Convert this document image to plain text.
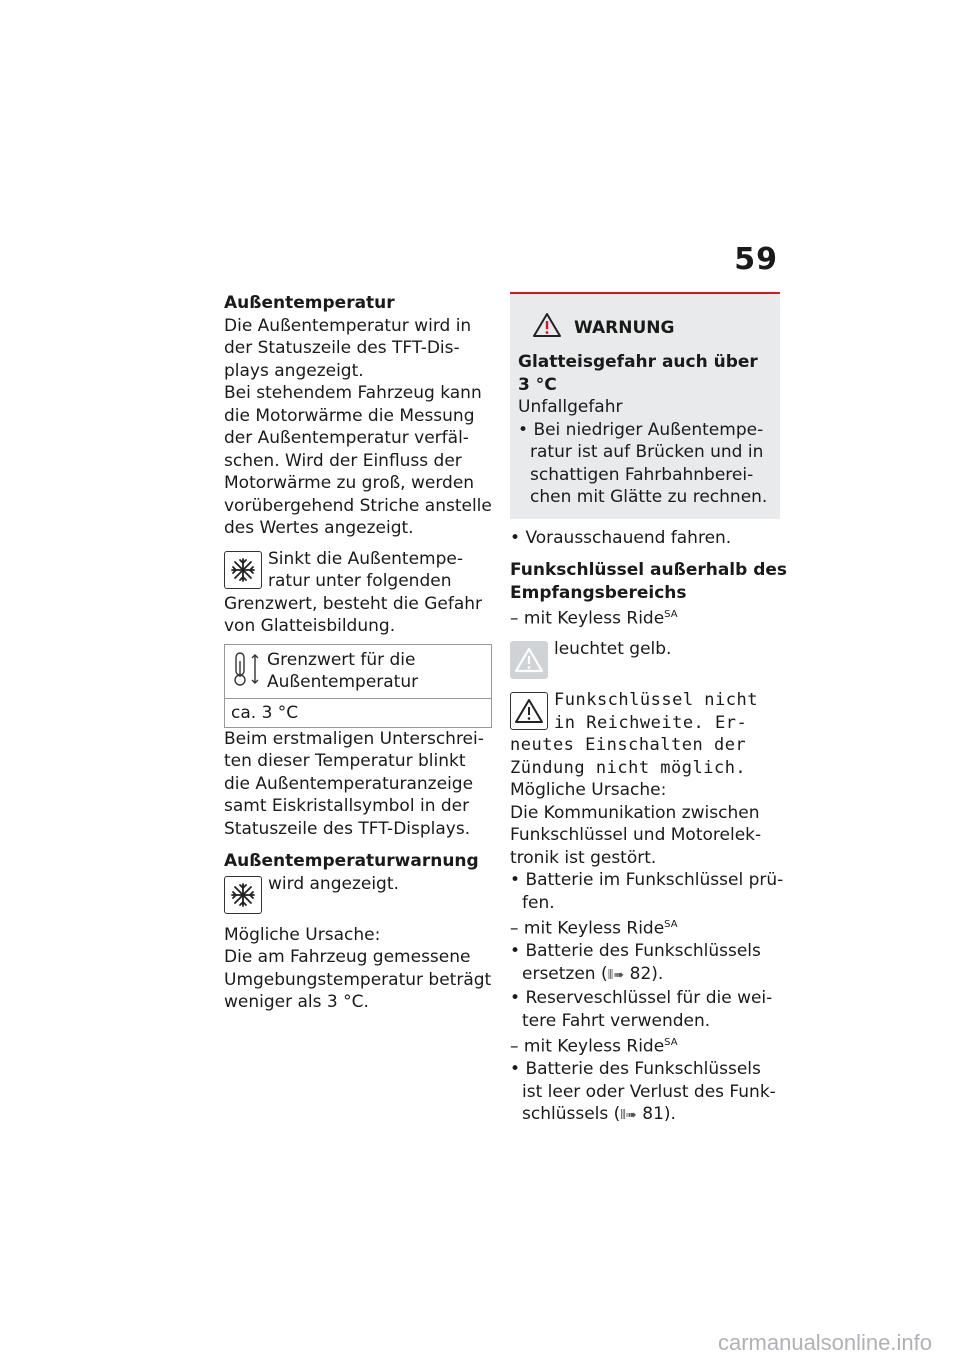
59
Außentemperatur
Die Außentemperatur wird in
der Statuszeile des TFT-Dis-
plays angezeigt.
Bei stehendem Fahrzeug kann
die Motorwärme die Messung
der Außentemperatur verfäl-
schen. Wird der Einfluss der
Motorwärme zu groß, werden
vorübergehend Striche anstelle
des Wertes angezeigt.
Sinkt die Außentempe-
ratur unter folgenden
Grenzwert, besteht die Gefahr
von Glatteisbildung.
Grenzwert für die
Außentemperatur

ca. 3 °C
Beim erstmaligen Unterschrei-
ten dieser Temperatur blinkt
die Außentemperaturanzeige
samt Eiskristallsymbol in der
Statuszeile des TFT-Displays.
Außentemperaturwarnung
wird angezeigt.
Mögliche Ursache:
Die am Fahrzeug gemessene
Umgebungstemperatur beträgt
weniger als 3 °C.
WARNUNG
Glatteisgefahr auch über
3 °C
Unfallgefahr
• Bei niedriger Außentempe-
ratur ist auf Brücken und in
schattigen Fahrbahnberei-
chen mit Glätte zu rechnen.
• Vorausschauend fahren.
Funkschlüssel außerhalb des
Empfangsbereichs
– mit Keyless Ride$^{SA}$
leuchtet gelb.
Funkschlüssel nicht
in Reichweite. Er-
neutes Einschalten der
Zündung nicht möglich.
Mögliche Ursache:
Die Kommunikation zwischen
Funkschlüssel und Motorelek-
tronik ist gestört.
• Batterie im Funkschlüssel prü-
fen.
– mit Keyless Ride$^{SA}$
• Batterie des Funkschlüssels
ersetzen (⦀➠ 82).
• Reserveschlüssel für die wei-
tere Fahrt verwenden.
– mit Keyless Ride$^{SA}$
• Batterie des Funkschlüssels
ist leer oder Verlust des Funk-
schlüssels (⦀➠ 81).
carmanualsonline.info
